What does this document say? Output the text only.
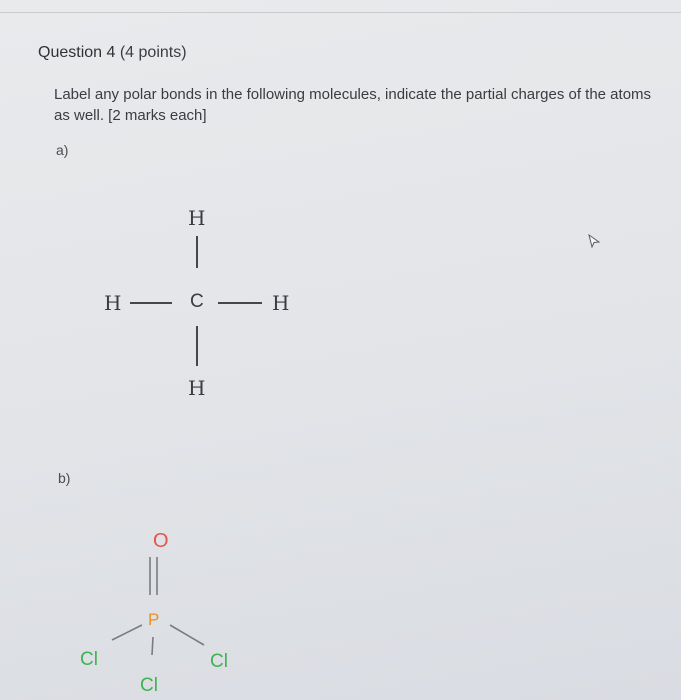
Question 4 (4 points)
Label any polar bonds in the following molecules, indicate the partial charges of the atoms as well. [2 marks each]
a)
H
H	C	H
H
b)
O
P
Cl	Cl
Cl
